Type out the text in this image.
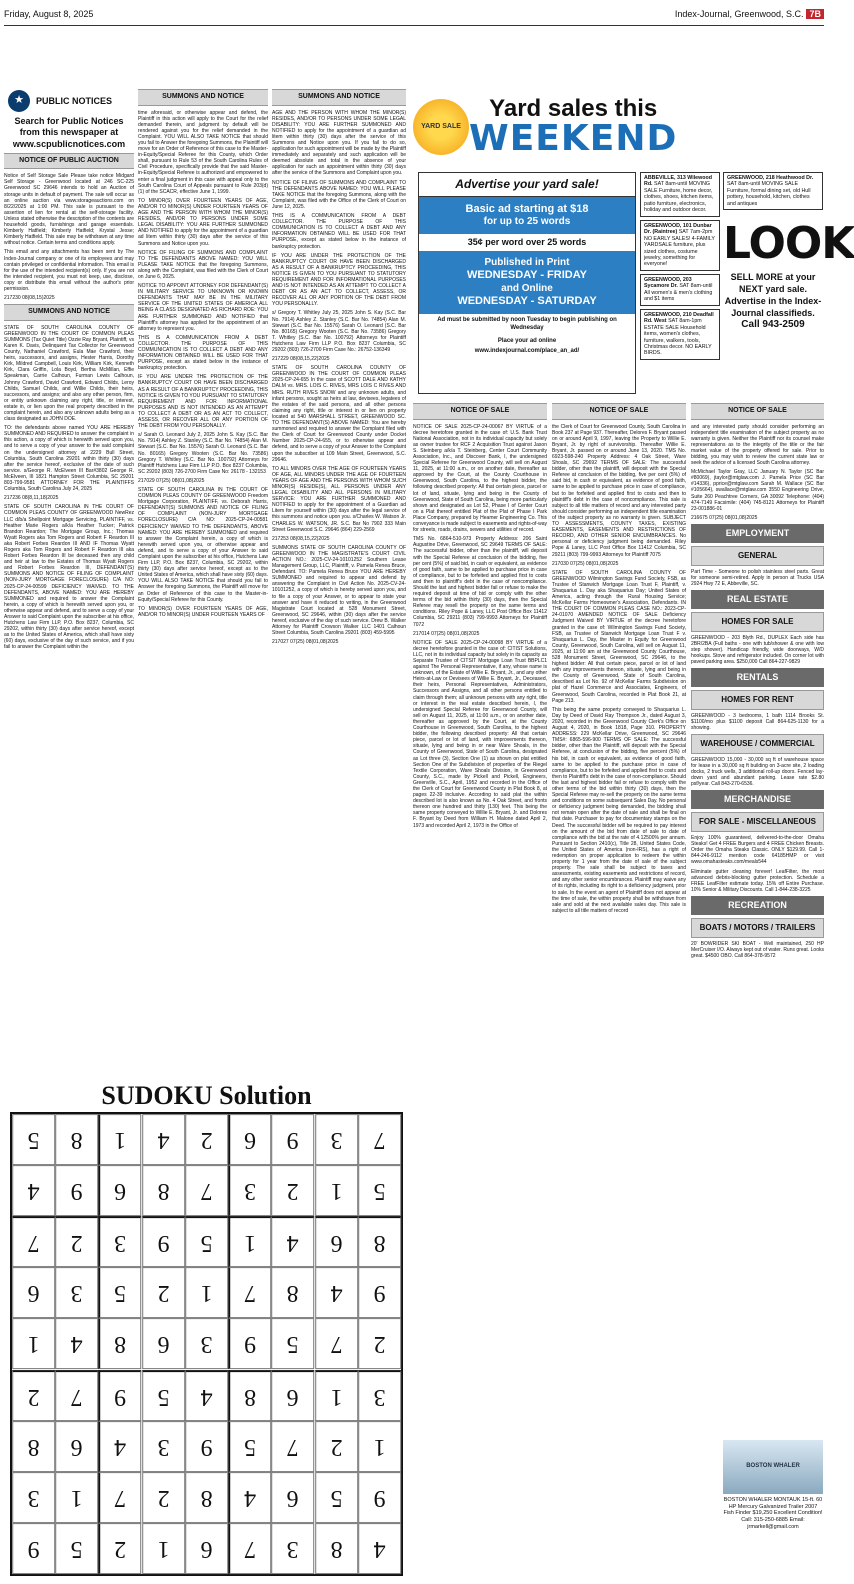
Friday, August 8, 2025	Index-Journal, Greenwood, S.C. 7B
★	PUBLIC NOTICES
Search for Public Notices from this newspaper at www.scpublicnotices.com
NOTICE OF PUBLIC AUCTION

Notice of Self Storage Sale Please take notice Midgard Self Storage - Greenwood located at 246 SC-225 Greenwood SC 29646 intends to hold an Auction of storage units in default of payment. The sale will occur as an online auction via www.storageauctions.com on 8/22/2025 at 1:00 PM. This sale is pursuant to the assertion of lien for rental at the self-storage facility. Unless stated otherwise the description of the contents are household goods, furnishings and garage essentials. Kimberly Hatfield; Kimberly Hatfield; Krystal Jesse; Kimberly Hatfield. This sale may be withdrawn at any time without notice. Certain terms and conditions apply.

This email and any attachments has been sent by The Index-Journal company or one of its employees and may contain privileged or confidential information. This email is for the use of the intended recipient(s) only. If you are not the intended recipient, you must not keep, use, disclose, copy or distribute this email without the author's prior permission.

217230 08(08,15)2025

SUMMONS AND NOTICE

STATE OF SOUTH CAROLINA COUNTY OF GREENWOOD IN THE COURT OF COMMON PLEAS SUMMONS (Tax Quiet Title) Ozzie Ray Bryant, Plaintiff, vs Karen K. Davis, Delinquent Tax Collector for Greenwood County, Nathaniel Crawford, Eula Mae Crawford, their heirs, successors, and assigns, Hester Harris, Dorothy Kirk, Mildred Campbell, Louis Kirk, William Kirk, Kenneth Kirk, Clara Griffin, Lola Boyd, Bertha McMillan, Effie Speakman, Carrie Calhoun, Furman Lewis Calhoun, Johnny Crawford, David Crawford, Edward Childs, Leroy Childs, Samuel Childs, and Willie Childs, their heirs, successors, and assigns; and also any other person, firm, or entity unknown claiming any right, title, or interest, estate in, or lien upon the real property described in the complaint herein, and also any unknown adults being as a class designated as JOHN DOE.

TO: the defendants above named YOU ARE HEREBY SUMMONED AND REQUIRED to answer the complaint in this action, a copy of which is herewith served upon you, and to serve a copy of your answer to the said complaint on the undersigned attorney at 2229 Bull Street, Columbia, South Carolina 29201 within thirty (30) days after the service hereof, exclusive of the date of such service. s/George R. McElveen III Bar#3802 George R. McElveen, III 1821 Hampton Street Columbia, SC 29201 803-799-9581 ATTORNEY FOR THE PLAINTIFFS Columbia, South Carolina July 24, 2025

217236 08(8,11,18)2025

STATE OF SOUTH CAROLINA IN THE COURT OF COMMON PLEAS COUNTY OF GREENWOOD NewRez LLC d/b/a Shellpoint Mortgage Servicing, PLAINTIFF, vs. Heather Marie Rogers a/k/a Heather Tucker; Patrick Brandon Reardon; The Mortgage Group, Inc.; Thomas Wyatt Rogers aka Tom Rogers and Robert F Reardon III aka Robert Forbes Reardon III AND IF Thomas Wyatt Rogers aka Tom Rogers and Robert F Reardon III aka Robert Forbes Reardon III be deceased then any child and heir at law to the Estates of Thomas Wyatt Rogers and Robert Forbes Reardon III, DEFENDANT(S) SUMMONS AND NOTICE OF FILING OF COMPLAINT (NON-JURY MORTGAGE FORECLOSURE) C/A NO: 2025-CP-24-00599 DEFICIENCY WAIVED. TO THE DEFENDANTS, ABOVE NAMED: YOU ARE HEREBY SUMMONED and required to answer the Complaint herein, a copy of which is herewith served upon you, or otherwise appear and defend, and to serve a copy of your Answer to said Complaint upon the subscriber at his office, Hutchens Law Firm LLP, P.O. Box 8237, Columbia, SC 29202, within thirty (30) days after service hereof, except as to the United States of America, which shall have sixty (60) days, exclusive of the day of such service, and if you fail to answer the Complaint within the

SUMMONS AND NOTICE

time aforesaid, or otherwise appear and defend, the Plaintiff in this action will apply to the Court for the relief demanded therein, and judgment by default will be rendered against you for the relief demanded in the Complaint. YOU WILL ALSO TAKE NOTICE that should you fail to Answer the foregoing Summons, the Plaintiff will move for an Order of Reference of this case to the Master-in-Equity/Special Referee for this County, which Order shall, pursuant to Rule 53 of the South Carolina Rules of Civil Procedure, specifically provide that the said Master-in-Equity/Special Referee is authorized and empowered to enter a final judgment in this case with appeal only to the South Carolina Court of Appeals pursuant to Rule 203(d)(1) of the SCACR, effective June 1, 1999.

TO MINOR(S) OVER FOURTEEN YEARS OF AGE, AND/OR TO MINOR(S) UNDER FOURTEEN YEARS OF AGE AND THE PERSON WITH WHOM THE MINOR(S) RESIDES, AND/OR TO PERSONS UNDER SOME LEGAL DISABILITY: YOU ARE FURTHER SUMMONED AND NOTIFIED to apply for the appointment of a guardian ad litem within thirty (30) days after the service of this Summons and Notice upon you.

NOTICE OF FILING OF SUMMONS AND COMPLAINT TO THE DEFENDANTS ABOVE NAMED: YOU WILL PLEASE TAKE NOTICE that the foregoing Summons, along with the Complaint, was filed with the Clerk of Court on June 6, 2025.

NOTICE TO APPOINT ATTORNEY FOR DEFENDANT(S) IN MILITARY SERVICE TO UNKNOWN OR KNOWN DEFENDANTS THAT MAY BE IN THE MILITARY SERVICE OF THE UNITED STATES OF AMERICA ALL BEING A CLASS DESIGNATED AS RICHARD ROE: YOU ARE FURTHER SUMMONED AND NOTIFIED that Plaintiff's attorney has applied for the appointment of an attorney to represent you.

THIS IS A COMMUNICATION FROM A DEBT COLLECTOR. THE PURPOSE OF THIS COMMUNICATION IS TO COLLECT A DEBT AND ANY INFORMATION OBTAINED WILL BE USED FOR THAT PURPOSE, except as stated below in the instance of bankruptcy protection.

IF YOU ARE UNDER THE PROTECTION OF THE BANKRUPTCY COURT OR HAVE BEEN DISCHARGED AS A RESULT OF A BANKRUPTCY PROCEEDING, THIS NOTICE IS GIVEN TO YOU PURSUANT TO STATUTORY REQUIREMENT AND FOR INFORMATIONAL PURPOSES AND IS NOT INTENDED AS AN ATTEMPT TO COLLECT A DEBT OR AS AN ACT TO COLLECT, ASSESS, OR RECOVER ALL OR ANY PORTION OF THE DEBT FROM YOU PERSONALLY.

s/ Sarah O. Leonard July 2, 2025 John S. Kay (S.C. Bar No. 7914) Ashley Z. Stanley (S.C. Bar No. 74854) Alan M. Stewart (S.C. Bar No. 15576) Sarah O. Leonard (S.C. Bar No. 80165) Gregory Wooten (S.C. Bar No. 73586) Gregory T. Whitley (S.C. Bar No. 100792) Attorneys for Plaintiff Hutchens Law Firm LLP P.O. Box 8237 Columbia, SC 29202 (803) 726-2700 Firm Case No: 26178 - 132153

217029 07(25) 08(01,08)2025

STATE OF SOUTH CAROLINA IN THE COURT OF COMMON PLEAS COUNTY OF GREENWOOD Freedom Mortgage Corporation, PLAINTIFF, vs. Deborah Harris, DEFENDANT(S) SUMMONS AND NOTICE OF FILING OF COMPLAINT (NON-JURY MORTGAGE FORECLOSURE) C/A NO: 2025-CP-24-00581 DEFICIENCY WAIVED TO THE DEFENDANTS, ABOVE NAMED: YOU ARE HEREBY SUMMONED and required to answer the Complaint herein, a copy of which is herewith served upon you, or otherwise appear and defend, and to serve a copy of your Answer to said Complaint upon the subscriber at his office, Hutchens Law Firm LLP, P.O. Box 8237, Columbia, SC 29202, within thirty (30) days after service hereof, except as to the United States of America, which shall have sixty (60) days. YOU WILL ALSO TAKE NOTICE that should you fail to Answer the foregoing Summons, the Plaintiff will move for an Order of Reference of this case to the Master-in-Equity/Special Referee for this County.

TO MINOR(S) OVER FOURTEEN YEARS OF AGE, AND/OR TO MINOR(S) UNDER FOURTEEN YEARS OF

SUMMONS AND NOTICE

AGE AND THE PERSON WITH WHOM THE MINOR(S) RESIDES, AND/OR TO PERSONS UNDER SOME LEGAL DISABILITY: YOU ARE FURTHER SUMMONED AND NOTIFIED to apply for the appointment of a guardian ad litem within thirty (30) days after the service of this Summons and Notice upon you. If you fail to do so, application for such appointment will be made by the Plaintiff immediately and separately and such application will be deemed absolute and total in the absence of your application for such an appointment within thirty (30) days after the service of the Summons and Complaint upon you.

NOTICE OF FILING OF SUMMONS AND COMPLAINT TO THE DEFENDANTS ABOVE NAMED: YOU WILL PLEASE TAKE NOTICE that the foregoing Summons, along with the Complaint, was filed with the Office of the Clerk of Court on June 12, 2025.

THIS IS A COMMUNICATION FROM A DEBT COLLECTOR. THE PURPOSE OF THIS COMMUNICATION IS TO COLLECT A DEBT AND ANY INFORMATION OBTAINED WILL BE USED FOR THAT PURPOSE, except as stated below in the instance of bankruptcy protection.

IF YOU ARE UNDER THE PROTECTION OF THE BANKRUPTCY COURT OR HAVE BEEN DISCHARGED AS A RESULT OF A BANKRUPTCY PROCEEDING, THIS NOTICE IS GIVEN TO YOU PURSUANT TO STATUTORY REQUIREMENT AND FOR INFORMATIONAL PURPOSES AND IS NOT INTENDED AS AN ATTEMPT TO COLLECT A DEBT OR AS AN ACT TO COLLECT, ASSESS, OR RECOVER ALL OR ANY PORTION OF THE DEBT FROM YOU PERSONALLY.

s/ Gregory T. Whitley July 25, 2025 John S. Kay (S.C. Bar No. 7914) Ashley Z. Stanley (S.C. Bar No. 74854) Alan M. Stewart (S.C. Bar No. 15576) Sarah O. Leonard (S.C. Bar No. 80165) Gregory Wooten (S.C. Bar No. 73586) Gregory T. Whitley (S.C. Bar No. 100792) Attorneys for Plaintiff Hutchens Law Firm LLP P.O. Box 8237 Columbia, SC 29202 (803) 726-2700 Firm Case No.: 26752-136349

217229 08(08,15,22)2025

STATE OF SOUTH CAROLINA COUNTY OF GREENWOOD IN THE COURT OF COMMON PLEAS 2025-CP-24-655 In the case of SCOTT DALE AND KATHY DALM vs. MRS. LOIS C. RIVES, MRS LOIS C RIVES AND MRS. RUTH RIVES SNOW and any unknown adults, and infant persons, sought as heirs at law, devisees, legatees of the estates of the said persons, and all other persons claiming any right, title or interest in or lien on property located at 540 MARSHALL STREET, GREENWOOD SC. TO THE DEFENDANT(S) ABOVE NAMED: You are hereby summoned and required to answer the Complaint filed with the Clerk of Court for Greenwood County under Docket Number 2025-CP-24-655, or to otherwise appear and defend, and to serve a copy of your Answer to the Complaint upon the subscriber at 109 Main Street, Greenwood, S.C. 29646.

TO ALL MINORS OVER THE AGE OF FOURTEEN YEARS OF AGE, ALL MINORS UNDER THE AGE OF FOURTEEN YEARS OF AGE AND THE PERSONS WITH WHOM SUCH MINOR(S) RESIDE(S), ALL PERSONS UNDER ANY LEGAL DISABILITY AND ALL PERSONS IN MILITARY SERVICE: YOU ARE FURTHER SUMMONED AND NOTIFIED to apply for the appointment of a Guardian ad Litem for yourself within (30) days after the legal service of this summons and notice upon you. s/Charles W. Watson Jr. CHARLES W. WATSON, JR. S.C. Bar No 7902 333 Main Street Greenwood S.C. 29646 (864) 229-2569

217253 08(08,15,22)2025

SUMMONS STATE OF SOUTH CAROLINA COUNTY OF GREENWOOD IN THE MAGISTRATE'S COURT CIVIL ACTION NO.: 2025-CV-24-10101252 Southern Lease Management Group, LLC, Plaintiff, v. Pamela Renea Bruce, Defendant. TO: Pamela Renea Bruce YOU ARE HEREBY SUMMONED and required to appear and defend by answering the Complaint in Civil Action No. 2025-CV-24-10101252, a copy of which is hereby served upon you, and to file a copy of your Answer, or to appear to state your answer and have it reduced to writing, in the Greenwood Magistrate Court located at 528 Monument Street, Greenwood, SC 29646, within (30) days after the service hereof, exclusive of the day of such service. Drew B. Walker Attorney for Plaintiff Crowson Walker LLC 1401 Calhoun Street Columbia, South Carolina 29201 (803) 459-5995

217027 07(25) 08(01,08)2025

YARD SALE
Yard sales this
WEEKEND
Advertise your yard sale!
Basic ad starting at $18
for up to 25 words
35¢ per word over 25 words
Published in Print
WEDNESDAY - FRIDAY
and Online
WEDNESDAY - SATURDAY
Ad must be submitted by noon Tuesday to begin publishing on Wednesday
Place your ad online
www.indexjournal.com/place_an_ad/
ABBEVILLE, 313 Wilewood Rd. SAT 8am-until MOVING SALE Furniture, home decor, clothes, shoes, kitchen items, patio furniture, electronics, holiday and outdoor decor.
GREENWOOD, 101 Dunbar Dr. (Raintree) SAT 7am-2pm NO EARLY SALES! 4-FAMILY YARDSALE furniture, plus sized clothes, costume jewelry, something for everyone!
GREENWOOD, 203 Sycamore Dr. SAT 8am-until All women's & men's clothing and $1 items
GREENWOOD, 210 Deadfall Rd. West SAT 8am-1pm ESTATE SALE Household items, women's clothes, furniture, walkers, tools, Christmas decor. NO EARLY BIRDS.
GREENWOOD, 218 Heathwood Dr. SAT 8am-until MOVING SALE Furniture, formal dining set, old Hull pottery, household, kitchen, clothes and antiques
LOOK
SELL MORE at your NEXT yard sale.
Advertise in the Index-Journal classifieds.
Call 943-2509
NOTICE OF SALE

NOTICE OF SALE 2025-CP-24-00067 BY VIRTUE of a decree heretofore granted in the case of: U.S. Bank Trust National Association, not in its individual capacity but solely as owner trustee for RCF 2 Acquisition Trust against Jason S. Steinberg a/k/a T. Steinberg, Center Court Community Association, Inc., and Discover Bank, I, the undersigned Special Referee for Greenwood County, will sell on August 11, 2025, at 11:00 a.m., or on another date, thereafter as approved by the Court, at the County Courthouse in Greenwood, South Carolina, to the highest bidder, the following described property: All that certain piece, parcel or lot of land, situate, lying and being in the County of Greenwood, State of South Carolina, being more particularly shown and designated as Lot 52, Phase I of Center Court on a Plat thereof entitled Plat of the Plat of Phase I Park Place Company, prepared by Heamer Engineering Co. This conveyance is made subject to easements and rights-of-way for streets, roads, drains, sewers and utilities of record.

TMS No. 6864-510-973 Property Address: 206 Saint Augustine Drive, Greenwood, SC 29649 TERMS OF SALE: The successful bidder, other than the plaintiff, will deposit with the Special Referee at conclusion of the bidding, five per cent (5%) of said bid, in cash or equivalent, as evidence of good faith, same to be applied to purchase price in case of compliance, but to be forfeited and applied first to costs and then to plaintiff's debt in the case of noncompliance. Should the last and highest bidder fail or refuse to make the required deposit at time of bid or comply with the other terms of the bid within thirty (30) days, then the Special Referee may resell the property on the same terms and conditions. Riley Pope & Laney, LLC Post Office Box 11412 Columbia, SC 29211 (803) 799-9993 Attorneys for Plaintiff 7072

217014 07(25) 08(01,08)2025

NOTICE OF SALE 2025-CP-24-00098 BY VIRTUE of a decree heretofore granted in the case of: CITIST Solutions, LLC, not in its individual capacity but solely in its capacity as Separate Trustee of CITSIT Mortgage Loan Trust BBPLC1 against The Personal Representative, if any, whose name is unknown, of the Estate of Willie E. Bryant, Jr., and any other Heirs-at-Law or Devisees of Willie E. Bryant, Jr., Deceased, their heirs, Personal Representatives, Administrators, Successors and Assigns, and all other persons entitled to claim through them; all unknown persons with any right, title or interest in the real estate described herein, I, the undersigned Special Referee for Greenwood County, will sell on August 11, 2025, at 11:00 a.m., or on another date, thereafter as approved by the Court, at the County Courthouse in Greenwood, South Carolina, to the highest bidder, the following described property: All that certain piece, parcel or lot of land, with improvements thereon, situate, lying and being in or near Ware Shoals, in the County of Greenwood, State of South Carolina, designated as Lot three (3), Section One (1) as shown on plat entitled Section One of the Subdivision of properties of the Riegel Textile Corporation, Ware Shoals Division, in Greenwood County, S.C., made by Pickell and Pickell, Engineers, Greenville, S.C., April, 1952 and recorded in the Office of the Clerk of Court for Greenwood County in Plat Book 8, at pages 22-39 inclusive. According to said plat the within described lot is also known as No. 4 Oak Street, and fronts thereon one hundred and thirty (130) feet. This being the same property conveyed to Willie E. Bryant, Jr. and Dolores F. Bryant by Deed from William H. Malone dated April 2, 1973 and recorded April 2, 1973 in the Office of

NOTICE OF SALE

the Clerk of Court for Greenwood County, South Carolina in Book 237 at Page 937. Thereafter, Delores F. Bryant passed on or around April 9, 1997, leaving the Property to Willie E. Bryant, Jr. by right of survivorship. Thereafter Willie E. Bryant, Jr. passed on or around June 13, 2020. TMS No. 6923-598-240 Property Address: 4 Oak Street, Ware Shoals, SC 29692 TERMS OF SALE: The successful bidder, other than the plaintiff, will deposit with the Special Referee at conclusion of the bidding, five per cent (5%) of said bid, in cash or equivalent, as evidence of good faith, same to be applied to purchase price in case of compliance, but to be forfeited and applied first to costs and then to plaintiff's debt in the case of noncompliance. This sale is subject to all title matters of record and any interested party should consider performing an independent title examination of the subject property as no warranty is given. SUBJECT TO ASSESSMENTS, COUNTY TAXES, EXISTING EASEMENTS, EASEMENTS AND RESTRICTIONS OF RECORD, AND OTHER SENIOR ENCUMBRANCES. No personal or deficiency judgment being demanded. Riley Pope & Laney, LLC Post Office Box 11412 Columbia, SC 29211 (803) 799-9993 Attorneys for Plaintiff 7075

217030 07(25) 08(01,08)2025

STATE OF SOUTH CAROLINA COUNTY OF GREENWOOD Wilmington Savings Fund Society, FSB, as Trustee of Stanwich Mortgage Loan Trust F, Plaintiff, v. Shaquarius L. Day aka Shaquarius Day; United States of America, acting through the Rural Housing Service; McKellar Farms Homeowner's Association, Defendants. IN THE COURT OF COMMON PLEAS CASE NO.: 2023-CP-24-01070 AMENDED NOTICE OF SALE Deficiency Judgment Waived BY VIRTUE of the decree heretofore granted in the case of: Wilmington Savings Fund Society, FSB, as Trustee of Stanwich Mortgage Loan Trust F v. Shaquarius L. Day, the Master in Equity for Greenwood County, Greenwood, South Carolina, will sell on August 11, 2025, at 11:00 am at the Greenwood County Courthouse, 528 Monument Street, Greenwood, SC 29646, to the highest bidder: All that certain piece, parcel or lot of land with any improvements thereon, situate, lying and being in the County of Greenwood, State of South Carolina, described as Lot No. 92 of McKellar Farms Subdivision on plat of Hazel Commerce and Associates, Engineers, of Greenwood, South Carolina, recorded in Plat Book 21, at Page 213.

This being the same property conveyed to Shaquarius L. Day by Deed of David Ray Thompson Jr., dated August 3, 2020, recorded in the Greenwood County Clerk's Office on August 4, 2020, in Book 1818, Page 310. PROPERTY ADDRESS: 229 McKellar Drive, Greenwood, SC 29646 TMS#: 6865-596-900 TERMS OF SALE: The successful bidder, other than the Plaintiff, will deposit with the Special Referee, at conclusion of the bidding, five percent (5%) of his bid, in cash or equivalent, as evidence of good faith, same to be applied to the purchase price in case of compliance, but to be forfeited and applied first to costs and then to Plaintiff's debt in the case of non-compliance. Should the last and highest bidder fail or refuse to comply with the other terms of the bid within thirty (30) days, then the Special Referee may re-sell the property on the same terms and conditions on some subsequent Sales Day. No personal or deficiency judgment being demanded, the bidding shall not remain open after the date of sale and shall be final on that date. Purchaser to pay for documentary stamps on the Deed. The successful bidder will be required to pay interest on the amount of the bid from date of sale to date of compliance with the bid at the rate of 4.12500% per annum. Pursuant to Section 2410(c), Title 28, United States Code, the United States of America (non-IRS), has a right of redemption on proper application to redeem the within property for 1 year from the date of sale of the subject property. The sale shall be subject to taxes and assessments, existing easements and restrictions of record, and any other senior encumbrances. Plaintiff may waive any of its rights, including its right to a deficiency judgment, prior to sale. In the event an agent of Plaintiff does not appear at the time of sale, the within property shall be withdrawn from sale and sold at the next available sales day. This sale is subject to all title matters of record

NOTICE OF SALE

and any interested party should consider performing an independent title examination of the subject property as no warranty is given. Neither the Plaintiff nor its counsel make representations as to the integrity of the title or the fair market value of the property offered for sale. Prior to bidding, you may wish to review the current state law or seek the advice of a licensed South Carolina attorney.

McMichael Taylor Gray, LLC January N. Taylor (SC Bar #80069), jtaylor@mtglaw.com J. Pamela Price (SC Bar #14336), pprice@mtglaw.com Sarah M. Wallace (SC Bar #105664), swallace@mtglaw.com 3550 Engineering Drive, Suite 260 Peachtree Corners, GA 30092 Telephone: (404) 474-7149 Facsimile: (404) 745-8121 Attorneys for Plaintiff 23-001886-01

216675 07(25) 08(01,08)2025

EMPLOYMENT
GENERAL

Part Time - Someone to polish stainless steel parts. Great for someone semi-retired. Apply in person at Trucks USA 2924 Hwy 72 E, Abbeville, SC.

REAL ESTATE
HOMES FOR SALE

GREENWOOD - 203 Blyth Rd., DUPLEX Each side has 2BR/2BA (Full baths - one with tub/shower & one with low step shower). Handicap friendly, wide doorways, W/D hookups. Stove and refrigerator included. On corner lot with paved parking area. $250,000 Call 864-227-9829

RENTALS
HOMES FOR RENT

GREENWOOD - 3 bedrooms, 1 bath 1114 Brooks St. $1100/mo plus $1100 deposit Call 864-625-1130 for a showing.

WAREHOUSE / COMMERCIAL

GREENWOOD 15,000 - 30,000 sq ft of warehouse space for lease in a 30,000 sq ft building on 3-acre site, 2 loading docks, 2 truck wells, 3 additional roll-up doors. Fenced lay-down yard and abundant parking. Lease rate $2.80 psf/year. Call 843-270-6536.

MERCHANDISE
FOR SALE - MISCELLANEOUS

Enjoy 100% guaranteed, delivered-to-the-door Omaha Steaks! Get 4 FREE Burgers and 4 FREE Chicken Breasts. Order the Omaha Steaks Classic. ONLY $129.99. Call 1-844-246-9112 mention code 64185HMP or visit www.omahasteaks.com/meals544

Eliminate gutter cleaning forever! LeafFilter, the most advanced debris-blocking gutter protection. Schedule a FREE LeafFilter estimate today. 15% off Entire Purchase. 10% Senior & Military Discounts. Call 1-844-238-3225

RECREATION
BOATS / MOTORS / TRAILERS

20' BOWRIDER SKI BOAT - Well maintained, 250 HP MerCruiser I/O. Always kept out of water. Runs great. Looks great. $4500 OBO. Call 864-378-9572

BOSTON WHALER
BOSTON WHALER MONTAUK 15-ft. 60 HP Mercury Galvanized Trailer 2007 Fish Finder $19,250 Excellent Condition! Call: 315-250-6885 Email: jrmarkell@gmail.com
SUDOKU Solution
5	8	1	4	2	6	9	3	7
4	9	6	8	7	3	2	1	5
7	2	3	9	5	1	4	6	8
6	3	5	2	1	7	8	4	9
1	4	8	6	3	9	5	7	2
2	7	9	5	4	8	6	1	3
8	6	4	3	9	5	7	2	1
3	1	7	2	8	4	6	5	9
9	5	2	1	6	7	3	8	4
